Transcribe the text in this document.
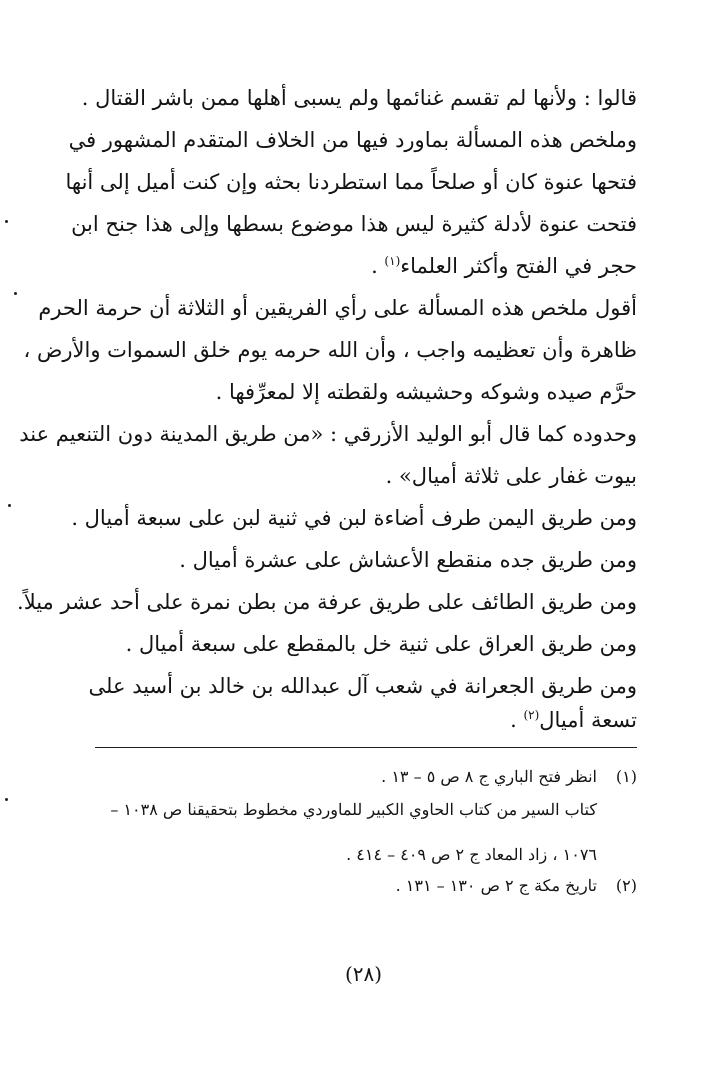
قالوا : ولأنها لم تقسم غنائمها ولم يسبى أهلها ممن باشر القتال .
وملخص هذه المسألة بماورد فيها من الخلاف المتقدم المشهور في
فتحها عنوة كان أو صلحاً مما استطردنا بحثه وإن كنت أميل إلى أنها
فتحت عنوة لأدلة كثيرة ليس هذا موضوع بسطها وإلى هذا جنح ابن
حجر في الفتح وأكثر العلماء$^{(١)}$ .
أقول ملخص هذه المسألة على رأي الفريقين أو الثلاثة أن حرمة الحرم
ظاهرة وأن تعظيمه واجب ، وأن الله حرمه يوم خلق السموات والأرض ،
حرَّم صيده وشوكه وحشيشه ولقطته إلا لمعرِّفها .
وحدوده كما قال أبو الوليد الأزرقي : «من طريق المدينة دون التنعيم عند
بيوت غفار على ثلاثة أميال» .
ومن طريق اليمن طرف أضاءة لبن في ثنية لبن على سبعة أميال .
ومن طريق جده منقطع الأعشاش على عشرة أميال .
ومن طريق الطائف على طريق عرفة من بطن نمرة على أحد عشر ميلاً.
ومن طريق العراق على ثنية خل بالمقطع على سبعة أميال .
ومن طريق الجعرانة في شعب آل عبدالله بن خالد بن أسيد على
تسعة أميال$^{(٢)}$ .
(١)انظر فتح الباري ج ٨ ص ٥ – ١٣ .
كتاب السير من كتاب الحاوي الكبير للماوردي مخطوط بتحقيقنا ص ١٠٣٨ –
١٠٧٦ ، زاد المعاد ج ٢ ص ٤٠٩ – ٤١٤ .
(٢)تاريخ مكة ج ٢ ص ١٣٠ – ١٣١ .
(٢٨)
